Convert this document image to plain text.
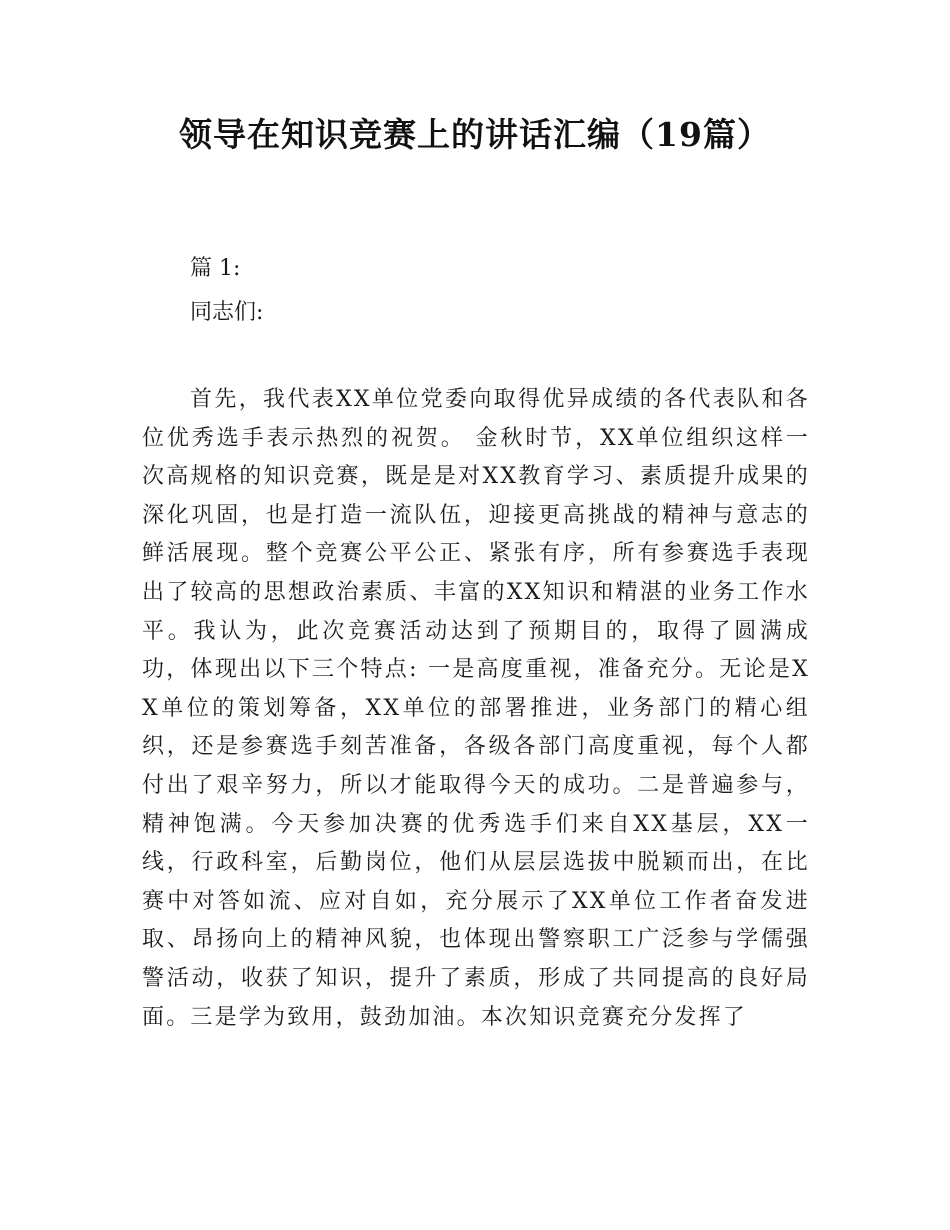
领导在知识竞赛上的讲话汇编（19篇）

篇 1:

同志们:

首先，我代表XX单位党委向取得优异成绩的各代表队和各位优秀选手表示热烈的祝贺。 金秋时节，XX单位组织这样一次高规格的知识竞赛，既是是对XX教育学习、素质提升成果的深化巩固，也是打造一流队伍，迎接更高挑战的精神与意志的鲜活展现。整个竞赛公平公正、紧张有序，所有参赛选手表现出了较高的思想政治素质、丰富的XX知识和精湛的业务工作水平。我认为，此次竞赛活动达到了预期目的，取得了圆满成功，体现出以下三个特点: 一是高度重视，准备充分。无论是XX单位的策划筹备，XX单位的部署推进，业务部门的精心组织，还是参赛选手刻苦准备，各级各部门高度重视，每个人都付出了艰辛努力，所以才能取得今天的成功。二是普遍参与，精神饱满。今天参加决赛的优秀选手们来自XX基层，XX一线，行政科室，后勤岗位，他们从层层选拔中脱颖而出，在比赛中对答如流、应对自如，充分展示了XX单位工作者奋发进取、昂扬向上的精神风貌，也体现出警察职工广泛参与学儒强警活动，收获了知识，提升了素质，形成了共同提高的良好局面。三是学为致用，鼓劲加油。本次知识竞赛充分发挥了
